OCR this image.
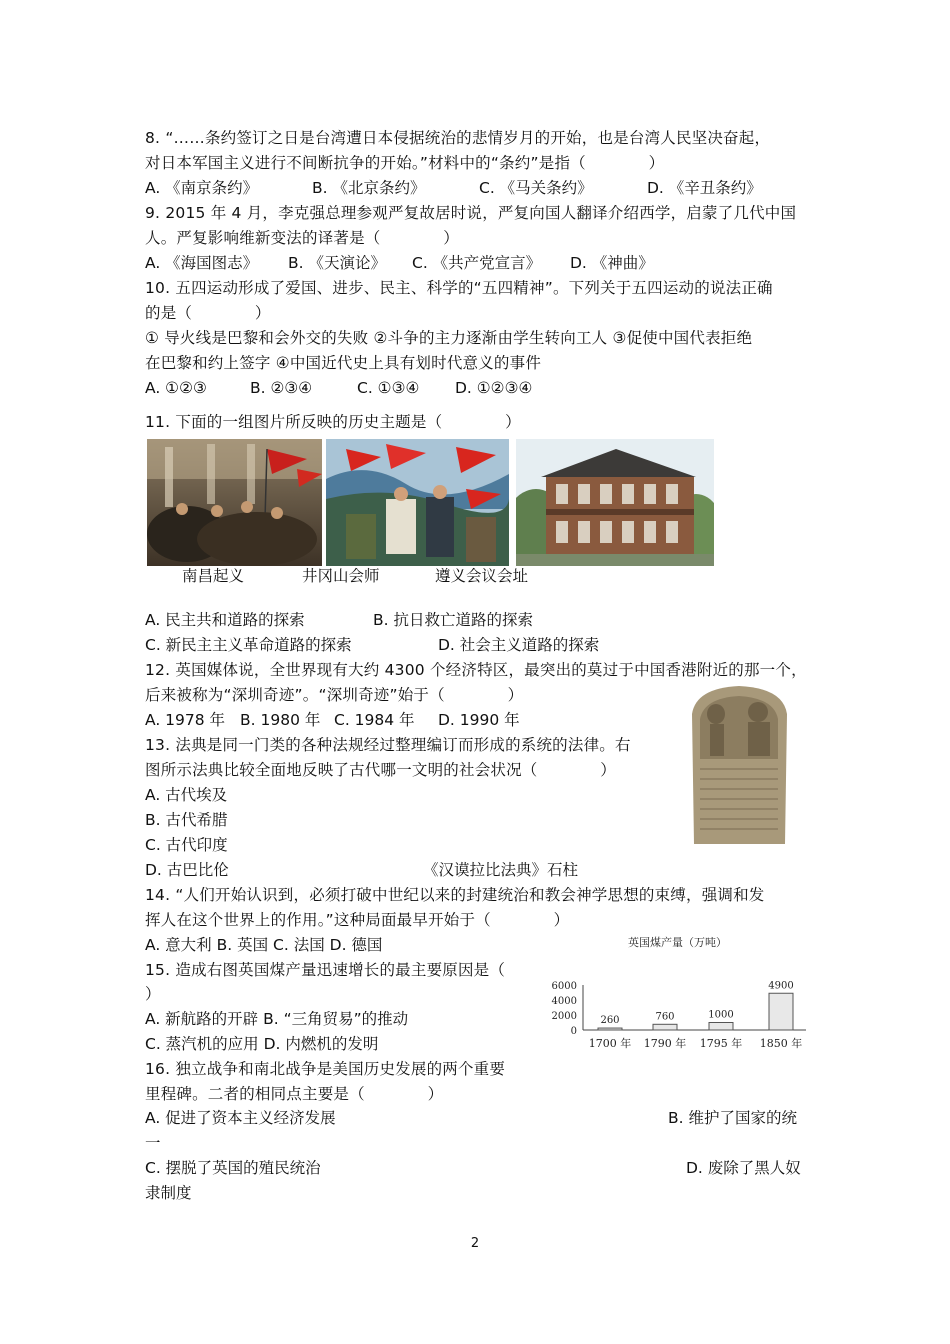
8. “……条约签订之日是台湾遭日本侵据统治的悲情岁月的开始，也是台湾人民坚决奋起，
对日本军国主义进行不间断抗争的开始。”材料中的“条约”是指（　　　　）
A. 《南京条约》	B. 《北京条约》	C. 《马关条约》	D. 《辛丑条约》
9. 2015 年 4 月，李克强总理参观严复故居时说，严复向国人翻译介绍西学，启蒙了几代中国
人。严复影响维新变法的译著是（　　　　）
A. 《海国图志》 B. 《天演论》 C. 《共产党宣言》 D. 《神曲》
10. 五四运动形成了爱国、进步、民主、科学的“五四精神”。下列关于五四运动的说法正确
的是（　　　　）
① 导火线是巴黎和会外交的失败 ②斗争的主力逐渐由学生转向工人 ③促使中国代表拒绝
在巴黎和约上签字 ④中国近代史上具有划时代意义的事件
A. ①②③	B. ②③④	C. ①③④ D. ①②③④
11. 下面的一组图片所反映的历史主题是（　　　　）
南昌起义	井冈山会师	遵义会议会址
A. 民主共和道路的探索	B. 抗日救亡道路的探索
C. 新民主主义革命道路的探索	D. 社会主义道路的探索
12. 英国媒体说，全世界现有大约 4300 个经济特区，最突出的莫过于中国香港附近的那一个，
后来被称为“深圳奇迹”。“深圳奇迹”始于（　　　　）
A. 1978 年 B. 1980 年 C. 1984 年 D. 1990 年
13. 法典是同一门类的各种法规经过整理编订而形成的系统的法律。右
图所示法典比较全面地反映了古代哪一文明的社会状况（　　　　）
A. 古代埃及
B. 古代希腊
C. 古代印度
D. 古巴比伦	《汉谟拉比法典》石柱
14. “人们开始认识到，必须打破中世纪以来的封建统治和教会神学思想的束缚，强调和发
挥人在这个世界上的作用。”这种局面最早开始于（　　　　）
A. 意大利 B. 英国 C. 法国 D. 德国	英国煤产量（万吨）
6000
4000
2000
0
260
1700 年
760
1790 年
1000
1795 年
4900
1850 年
15. 造成右图英国煤产量迅速增长的最主要原因是（
）
A. 新航路的开辟 B. “三角贸易”的推动
C. 蒸汽机的应用 D. 内燃机的发明
16. 独立战争和南北战争是美国历史发展的两个重要
里程碑。二者的相同点主要是（　　　　）
A. 促进了资本主义经济发展	B. 维护了国家的统
一
C. 摆脱了英国的殖民统治	D. 废除了黑人奴
隶制度
2
